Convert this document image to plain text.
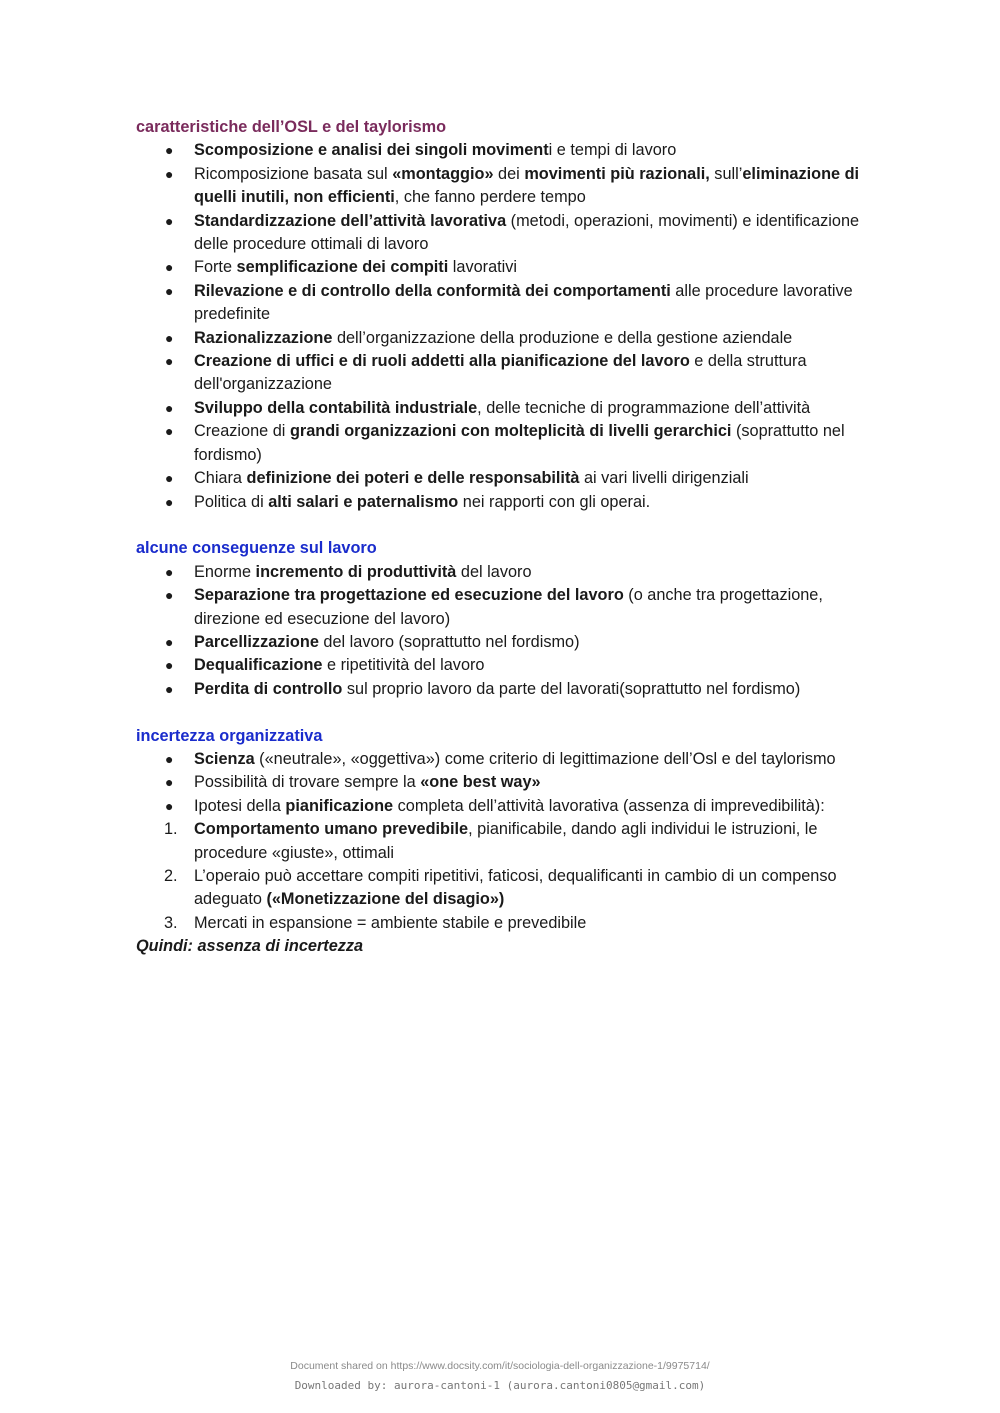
caratteristiche dell’OSL e del taylorismo

● Scomposizione e analisi dei singoli movimenti e tempi di lavoro
● Ricomposizione basata sul «montaggio» dei movimenti più razionali, sull’eliminazione di quelli inutili, non efficienti, che fanno perdere tempo
● Standardizzazione dell’attività lavorativa (metodi, operazioni, movimenti) e identificazione delle procedure ottimali di lavoro
● Forte semplificazione dei compiti lavorativi
● Rilevazione e di controllo della conformità dei comportamenti alle procedure lavorative predefinite
● Razionalizzazione dell’organizzazione della produzione e della gestione aziendale
● Creazione di uffici e di ruoli addetti alla pianificazione del lavoro e della struttura dell'organizzazione
● Sviluppo della contabilità industriale, delle tecniche di programmazione dell’attività
● Creazione di grandi organizzazioni con molteplicità di livelli gerarchici (soprattutto nel fordismo)
● Chiara definizione dei poteri e delle responsabilità ai vari livelli dirigenziali
● Politica di alti salari e paternalismo nei rapporti con gli operai.

alcune conseguenze sul lavoro

● Enorme incremento di produttività del lavoro
● Separazione tra progettazione ed esecuzione del lavoro (o anche tra progettazione, direzione ed esecuzione del lavoro)
● Parcellizzazione del lavoro (soprattutto nel fordismo)
● Dequalificazione e ripetitività del lavoro
● Perdita di controllo sul proprio lavoro da parte del lavorati(soprattutto nel fordismo)

incertezza organizzativa

● Scienza («neutrale», «oggettiva») come criterio di legittimazione dell’Osl e del taylorismo
● Possibilità di trovare sempre la «one best way»
● Ipotesi della pianificazione completa dell’attività lavorativa (assenza di imprevedibilità):
1. Comportamento umano prevedibile, pianificabile, dando agli individui le istruzioni, le procedure «giuste», ottimali
2. L’operaio può accettare compiti ripetitivi, faticosi, dequalificanti in cambio di un compenso adeguato («Monetizzazione del disagio»)
3. Mercati in espansione = ambiente stabile e prevedibile

Quindi: assenza di incertezza

Document shared on https://www.docsity.com/it/sociologia-dell-organizzazione-1/9975714/
Downloaded by: aurora-cantoni-1 (aurora.cantoni0805@gmail.com)
